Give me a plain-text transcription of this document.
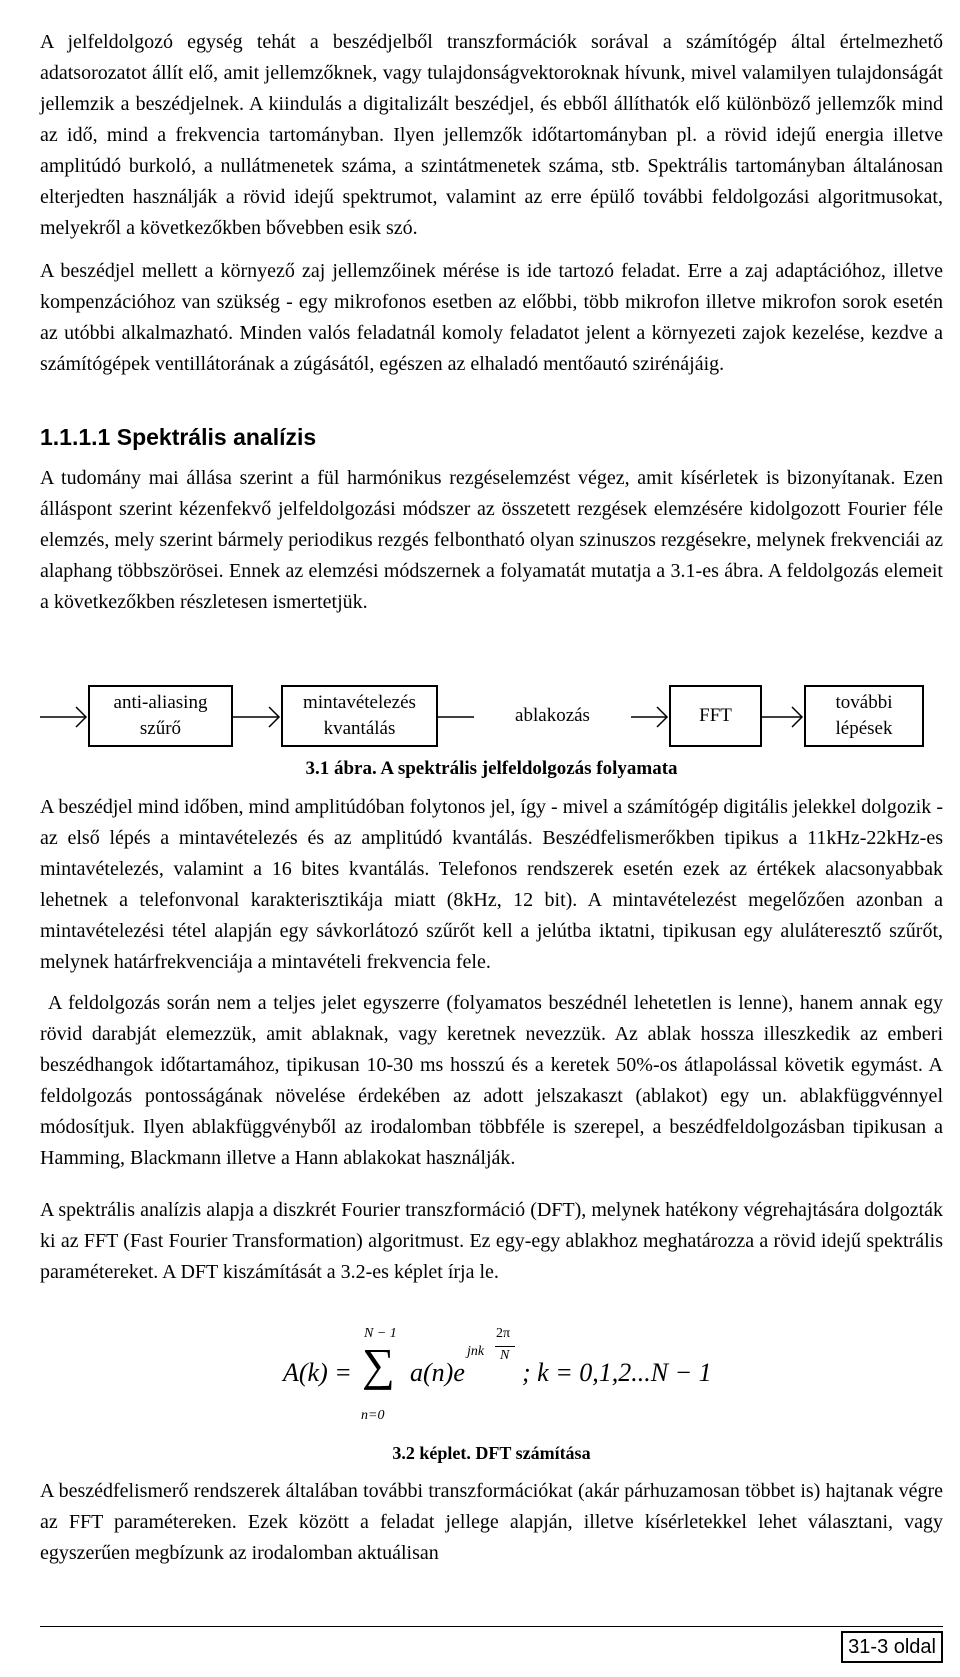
A jelfeldolgozó egység tehát a beszédjelből transzformációk sorával a számítógép által értelmezhető adatsorozatot állít elő, amit jellemzőknek, vagy tulajdonságvektoroknak hívunk, mivel valamilyen tulajdonságát jellemzik a beszédjelnek. A kiindulás a digitalizált beszédjel, és ebből állíthatók elő különböző jellemzők mind az idő, mind a frekvencia tartományban. Ilyen jellemzők időtartományban pl. a rövid idejű energia illetve amplitúdó burkoló, a nullátmenetek száma, a szintátmenetek száma, stb. Spektrális tartományban általánosan elterjedten használják a rövid idejű spektrumot, valamint az erre épülő további feldolgozási algoritmusokat, melyekről a következőkben bővebben esik szó.

A beszédjel mellett a környező zaj jellemzőinek mérése is ide tartozó feladat. Erre a zaj adaptációhoz, illetve kompenzációhoz van szükség - egy mikrofonos esetben az előbbi, több mikrofon illetve mikrofon sorok esetén az utóbbi alkalmazható. Minden valós feladatnál komoly feladatot jelent a környezeti zajok kezelése, kezdve a számítógépek ventillátorának a zúgásától, egészen az elhaladó mentőautó szirénájáig.

1.1.1.1 Spektrális analízis

A tudomány mai állása szerint a fül harmónikus rezgéselemzést végez, amit kísérletek is bizonyítanak. Ezen álláspont szerint kézenfekvő jelfeldolgozási módszer az összetett rezgések elemzésére kidolgozott Fourier féle elemzés, mely szerint bármely periodikus rezgés felbontható olyan szinuszos rezgésekre, melynek frekvenciái az alaphang többszörösei. Ennek az elemzési módszernek a folyamatát mutatja a 3.1-es ábra. A feldolgozás elemeit a következőkben részletesen ismertetjük.

anti-aliasing
szűrő
mintavételezés
kvantálás
ablakozás	FFT
további
lépések
3.1 ábra. A spektrális jelfeldolgozás folyamata

A beszédjel mind időben, mind amplitúdóban folytonos jel, így - mivel a számítógép digitális jelekkel dolgozik - az első lépés a mintavételezés és az amplitúdó kvantálás. Beszédfelismerőkben tipikus a 11kHz-22kHz-es mintavételezés, valamint a 16 bites kvantálás. Telefonos rendszerek esetén ezek az értékek alacsonyabbak lehetnek a telefonvonal karakterisztikája miatt (8kHz, 12 bit). A mintavételezést megelőzően azonban a mintavételezési tétel alapján egy sávkorlátozó szűrőt kell a jelútba iktatni, tipikusan egy aluláteresztő szűrőt, melynek határfrekvenciája a mintavételi frekvencia fele.

A feldolgozás során nem a teljes jelet egyszerre (folyamatos beszédnél lehetetlen is lenne), hanem annak egy rövid darabját elemezzük, amit ablaknak, vagy keretnek nevezzük. Az ablak hossza illeszkedik az emberi beszédhangok időtartamához, tipikusan 10-30 ms hosszú és a keretek 50%-os átlapolással követik egymást. A feldolgozás pontosságának növelése érdekében az adott jelszakaszt (ablakot) egy un. ablakfüggvénnyel módosítjuk. Ilyen ablakfüggvényből az irodalomban többféle is szerepel, a beszédfeldolgozásban tipikusan a Hamming, Blackmann illetve a Hann ablakokat használják.

A spektrális analízis alapja a diszkrét Fourier transzformáció (DFT), melynek hatékony végrehajtására dolgozták ki az FFT (Fast Fourier Transformation) algoritmust. Ez egy-egy ablakhoz meghatározza a rövid idejű spektrális paramétereket. A DFT kiszámítását a 3.2-es képlet írja le.

A(k) =
N − 1
∑
n=0
a(n)e
jnk
2π
N
; k = 0,1,2...N − 1
3.2 képlet. DFT számítása

A beszédfelismerő rendszerek általában további transzformációkat (akár párhuzamosan többet is) hajtanak végre az FFT paramétereken. Ezek között a feladat jellege alapján, illetve kísérletekkel lehet választani, vagy egyszerűen megbízunk az irodalomban aktuálisan

31-3 oldal
